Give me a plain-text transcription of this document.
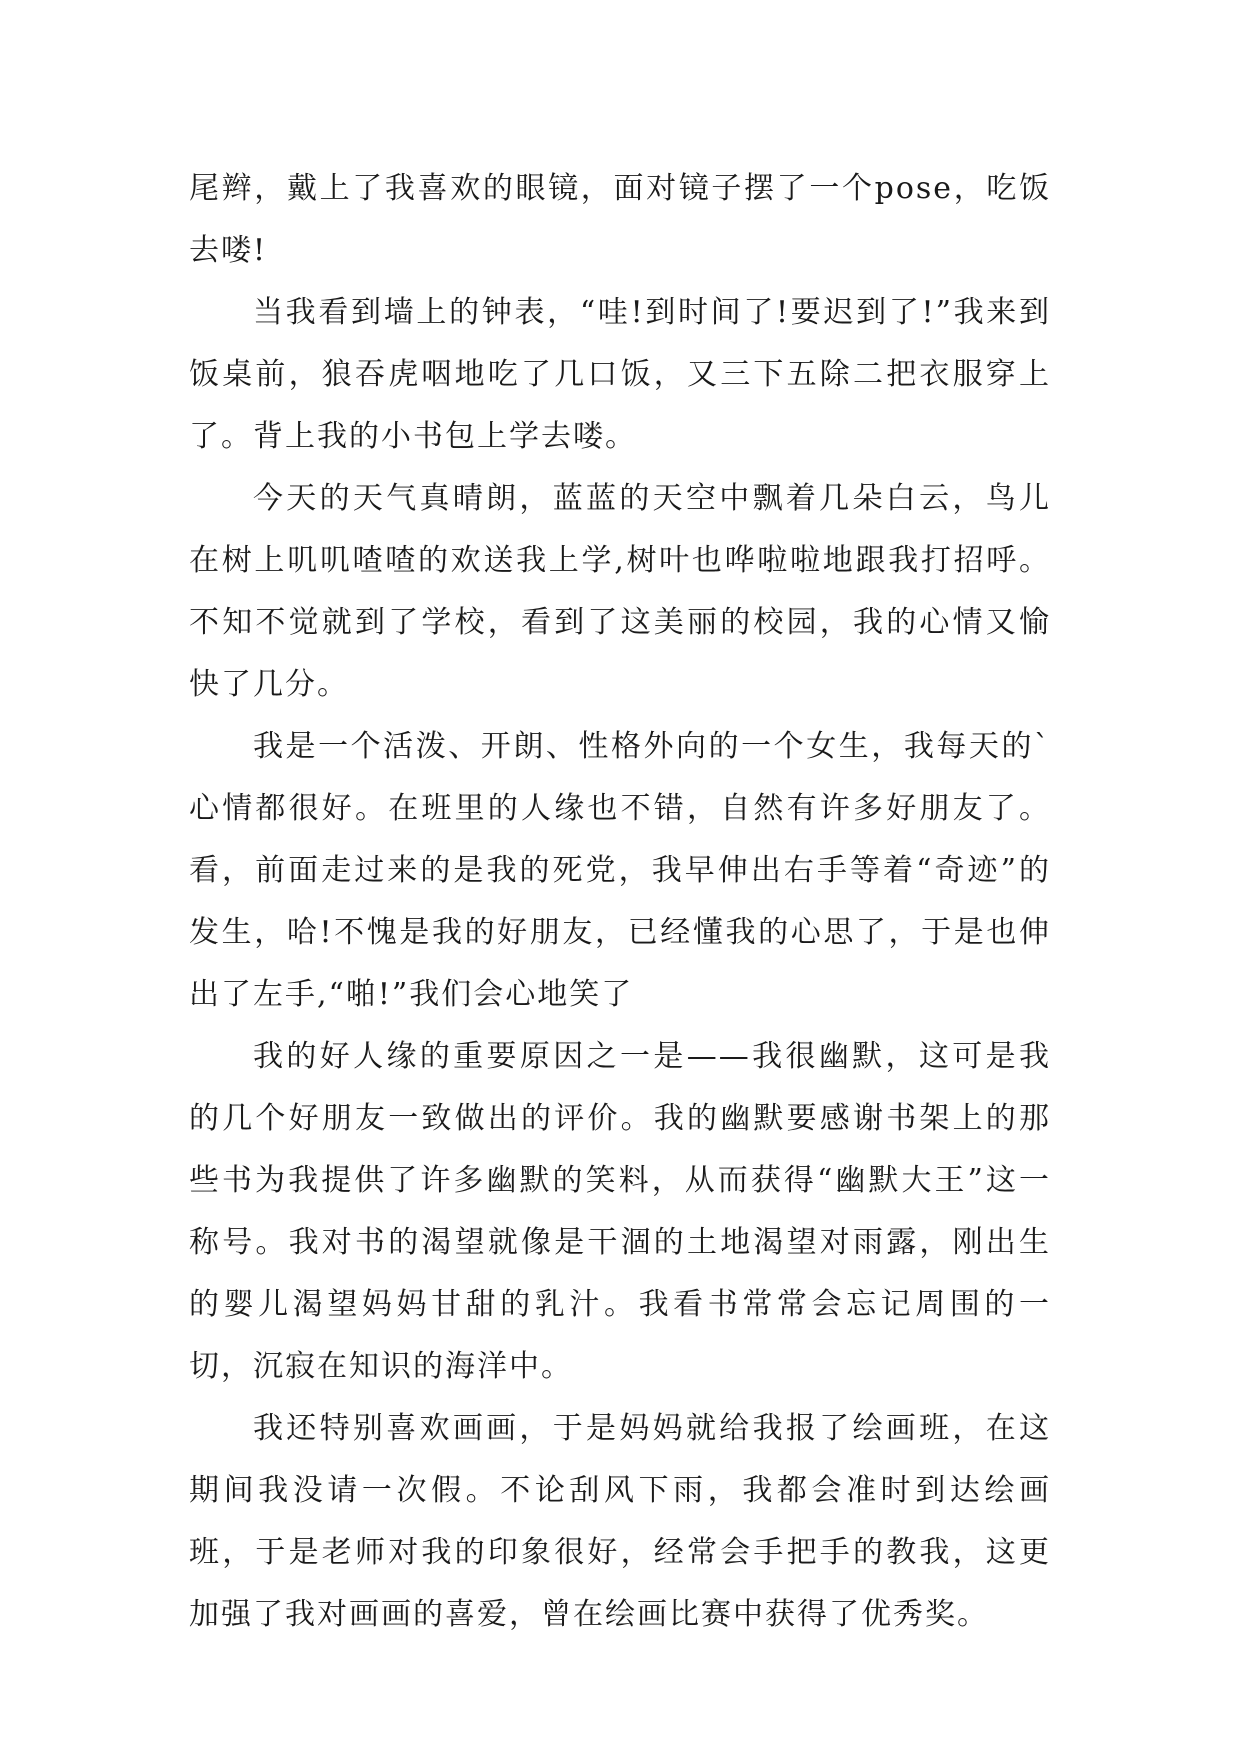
尾辫，戴上了我喜欢的眼镜，面对镜子摆了一个pose，吃饭去喽!

当我看到墙上的钟表，“哇!到时间了!要迟到了!”我来到饭桌前，狼吞虎咽地吃了几口饭，又三下五除二把衣服穿上了。背上我的小书包上学去喽。

今天的天气真晴朗，蓝蓝的天空中飘着几朵白云，鸟儿在树上叽叽喳喳的欢送我上学,树叶也哗啦啦地跟我打招呼。不知不觉就到了学校，看到了这美丽的校园，我的心情又愉快了几分。

我是一个活泼、开朗、性格外向的一个女生，我每天的`心情都很好。在班里的人缘也不错，自然有许多好朋友了。看，前面走过来的是我的死党，我早伸出右手等着“奇迹”的发生，哈!不愧是我的好朋友，已经懂我的心思了，于是也伸出了左手,“啪!”我们会心地笑了

我的好人缘的重要原因之一是——我很幽默，这可是我的几个好朋友一致做出的评价。我的幽默要感谢书架上的那些书为我提供了许多幽默的笑料，从而获得“幽默大王”这一称号。我对书的渴望就像是干涸的土地渴望对雨露，刚出生的婴儿渴望妈妈甘甜的乳汁。我看书常常会忘记周围的一切，沉寂在知识的海洋中。

我还特别喜欢画画，于是妈妈就给我报了绘画班，在这期间我没请一次假。不论刮风下雨，我都会准时到达绘画班，于是老师对我的印象很好，经常会手把手的教我，这更加强了我对画画的喜爱，曾在绘画比赛中获得了优秀奖。
